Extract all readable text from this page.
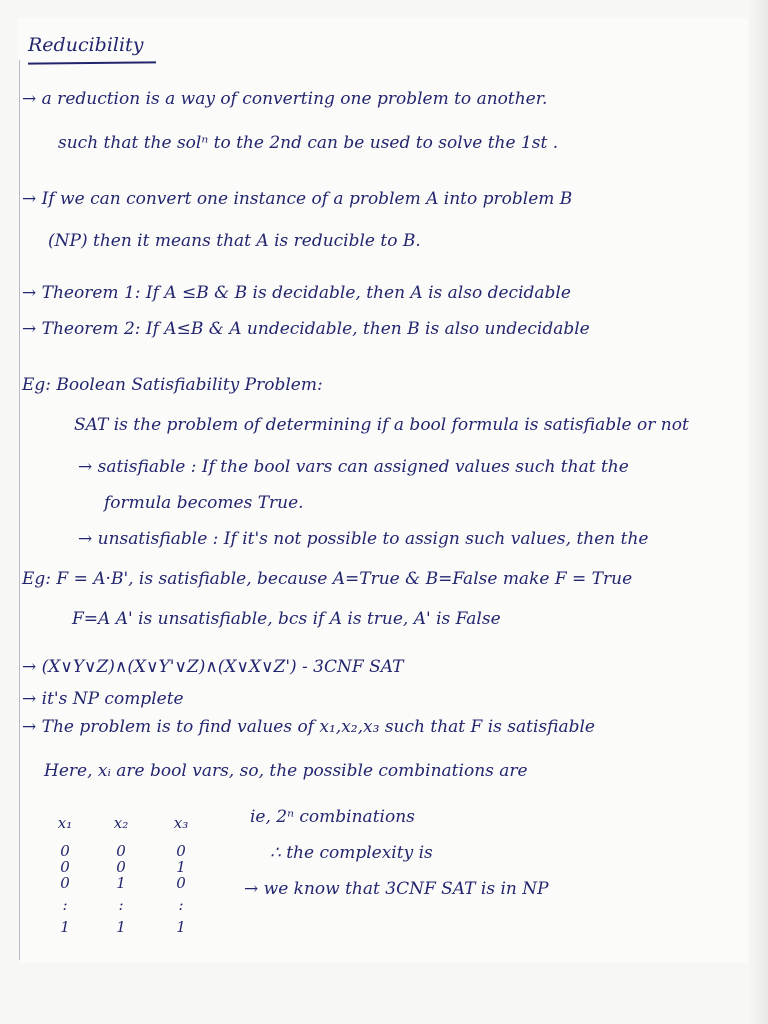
Reducibility

→ a reduction is a way of converting one problem to another.

such that the solⁿ to the 2nd can be used to solve the 1st .

→ If we can convert one instance of a problem A into problem B

(NP) then it means that A is reducible to B.

→ Theorem 1: If A ≤B & B is decidable, then A is also decidable

→ Theorem 2: If A≤B & A undecidable, then B is also undecidable

Eg: Boolean Satisfiability Problem:

SAT is the problem of determining if a bool formula is satisfiable or not

→ satisfiable : If the bool vars can assigned values such that the

formula becomes True.

→ unsatisfiable : If it's not possible to assign such values, then the

Eg: F = A·B', is satisfiable, because A=True & B=False make F = True

F=A A' is unsatisfiable, bcs if A is true, A' is False

→ (X∨Y∨Z)∧(X∨Y'∨Z)∧(X∨X∨Z') - 3CNF SAT

→ it's NP complete

→ The problem is to find values of x₁,x₂,x₃ such that F is satisfiable

Here, xᵢ are bool vars, so, the possible combinations are

x₁
0
0
0
:
1
x₂
0
0
1
:
1
x₃
0
1
0
:
1

ie, 2ⁿ combinations

∴ the complexity is

→ we know that 3CNF SAT is in NP
